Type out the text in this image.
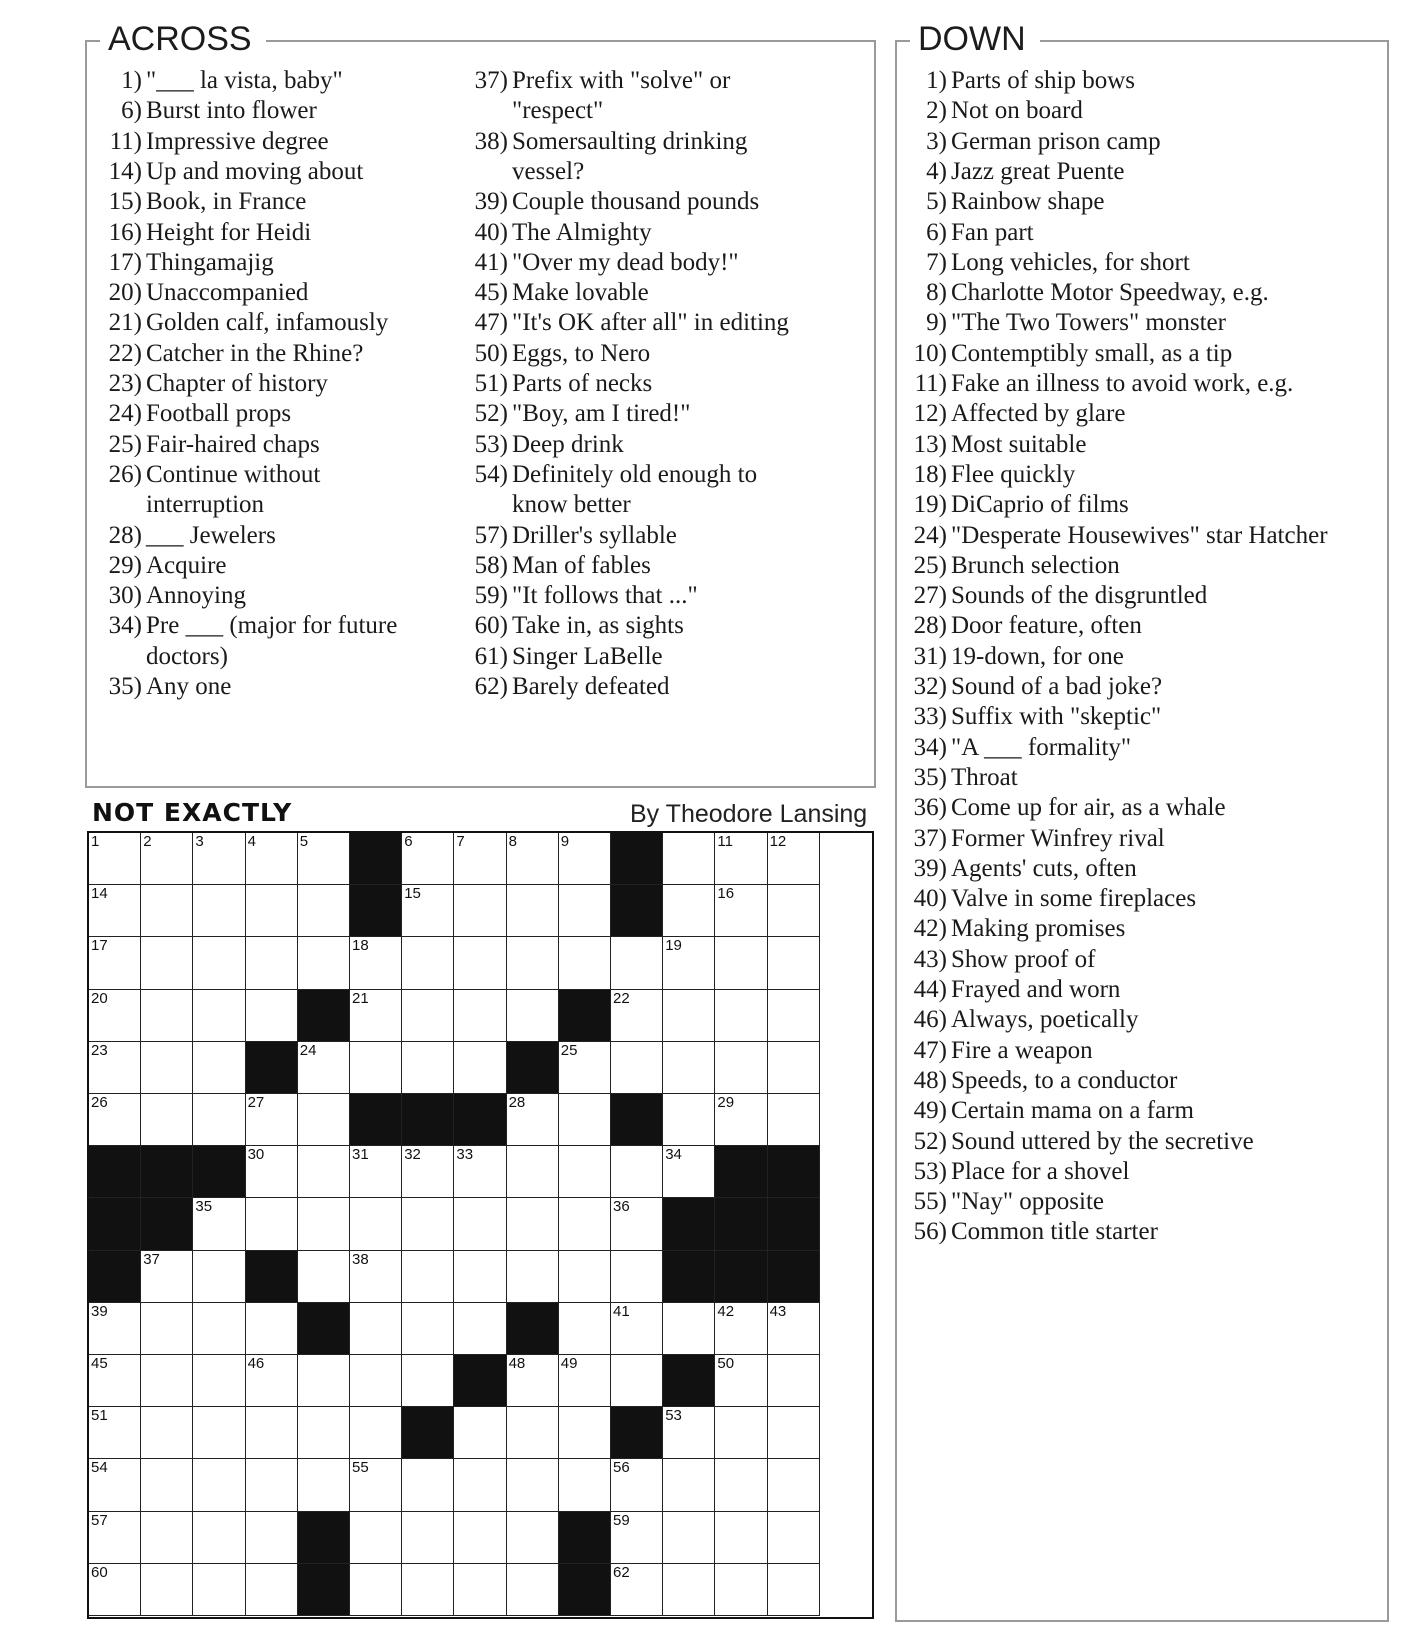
ACROSS	DOWN
1) "___ la vista, baby"
6) Burst into flower
11) Impressive degree
14) Up and moving about
15) Book, in France
16) Height for Heidi
17) Thingamajig
20) Unaccompanied
21) Golden calf, infamously
22) Catcher in the Rhine?
23) Chapter of history
24) Football props
25) Fair-haired chaps
26) Continue without
interruption
28) ___ Jewelers
29) Acquire
30) Annoying
34) Pre ___ (major for future
doctors)
35) Any one
37) Prefix with "solve" or
"respect"
38) Somersaulting drinking
vessel?
39) Couple thousand pounds
40) The Almighty
41) "Over my dead body!"
45) Make lovable
47) "It's OK after all" in editing
50) Eggs, to Nero
51) Parts of necks
52) "Boy, am I tired!"
53) Deep drink
54) Definitely old enough to
know better
57) Driller's syllable
58) Man of fables
59) "It follows that ..."
60) Take in, as sights
61) Singer LaBelle
62) Barely defeated
1) Parts of ship bows
2) Not on board
3) German prison camp
4) Jazz great Puente
5) Rainbow shape
6) Fan part
7) Long vehicles, for short
8) Charlotte Motor Speedway, e.g.
9) "The Two Towers" monster
10) Contemptibly small, as a tip
11) Fake an illness to avoid work, e.g.
12) Affected by glare
13) Most suitable
18) Flee quickly
19) DiCaprio of films
24) "Desperate Housewives" star Hatcher
25) Brunch selection
27) Sounds of the disgruntled
28) Door feature, often
31) 19-down, for one
32) Sound of a bad joke?
33) Suffix with "skeptic"
34) "A ___ formality"
35) Throat
36) Come up for air, as a whale
37) Former Winfrey rival
39) Agents' cuts, often
40) Valve in some fireplaces
42) Making promises
43) Show proof of
44) Frayed and worn
46) Always, poetically
47) Fire a weapon
48) Speeds, to a conductor
49) Certain mama on a farm
52) Sound uttered by the secretive
53) Place for a shovel
55) "Nay" opposite
56) Common title starter
NOT EXACTLY	By Theodore Lansing
1	2	3	4	5	6	7	8	9	11 12
14	15	16
17	18	19
20	21	22
23	24	25
26	27	28	29
30	31 32 33	34
35	36
37	38
39	41	42 43
45	46	48 49	50
51	53
54	55	56
57	59
60	62
